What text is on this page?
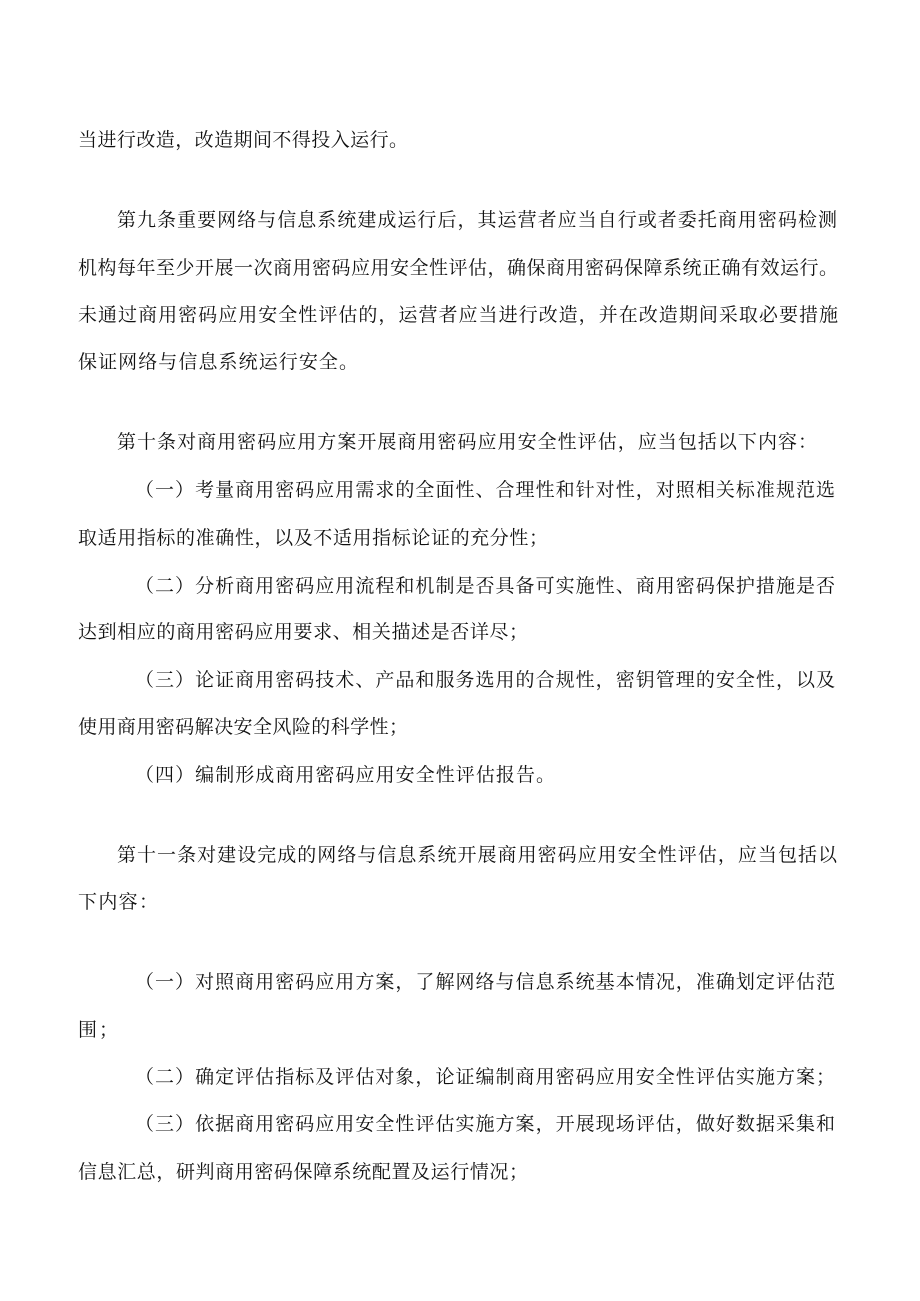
当进行改造，改造期间不得投入运行。
第九条重要网络与信息系统建成运行后，其运营者应当自行或者委托商用密码检测
机构每年至少开展一次商用密码应用安全性评估，确保商用密码保障系统正确有效运行。
未通过商用密码应用安全性评估的，运营者应当进行改造，并在改造期间采取必要措施
保证网络与信息系统运行安全。
第十条对商用密码应用方案开展商用密码应用安全性评估，应当包括以下内容：
（一）考量商用密码应用需求的全面性、合理性和针对性，对照相关标准规范选
取适用指标的准确性，以及不适用指标论证的充分性；
（二）分析商用密码应用流程和机制是否具备可实施性、商用密码保护措施是否
达到相应的商用密码应用要求、相关描述是否详尽；
（三）论证商用密码技术、产品和服务选用的合规性，密钥管理的安全性，以及
使用商用密码解决安全风险的科学性；
（四）编制形成商用密码应用安全性评估报告。
第十一条对建设完成的网络与信息系统开展商用密码应用安全性评估，应当包括以
下内容：
（一）对照商用密码应用方案，了解网络与信息系统基本情况，准确划定评估范
围；
（二）确定评估指标及评估对象，论证编制商用密码应用安全性评估实施方案；
（三）依据商用密码应用安全性评估实施方案，开展现场评估，做好数据采集和
信息汇总，研判商用密码保障系统配置及运行情况；
